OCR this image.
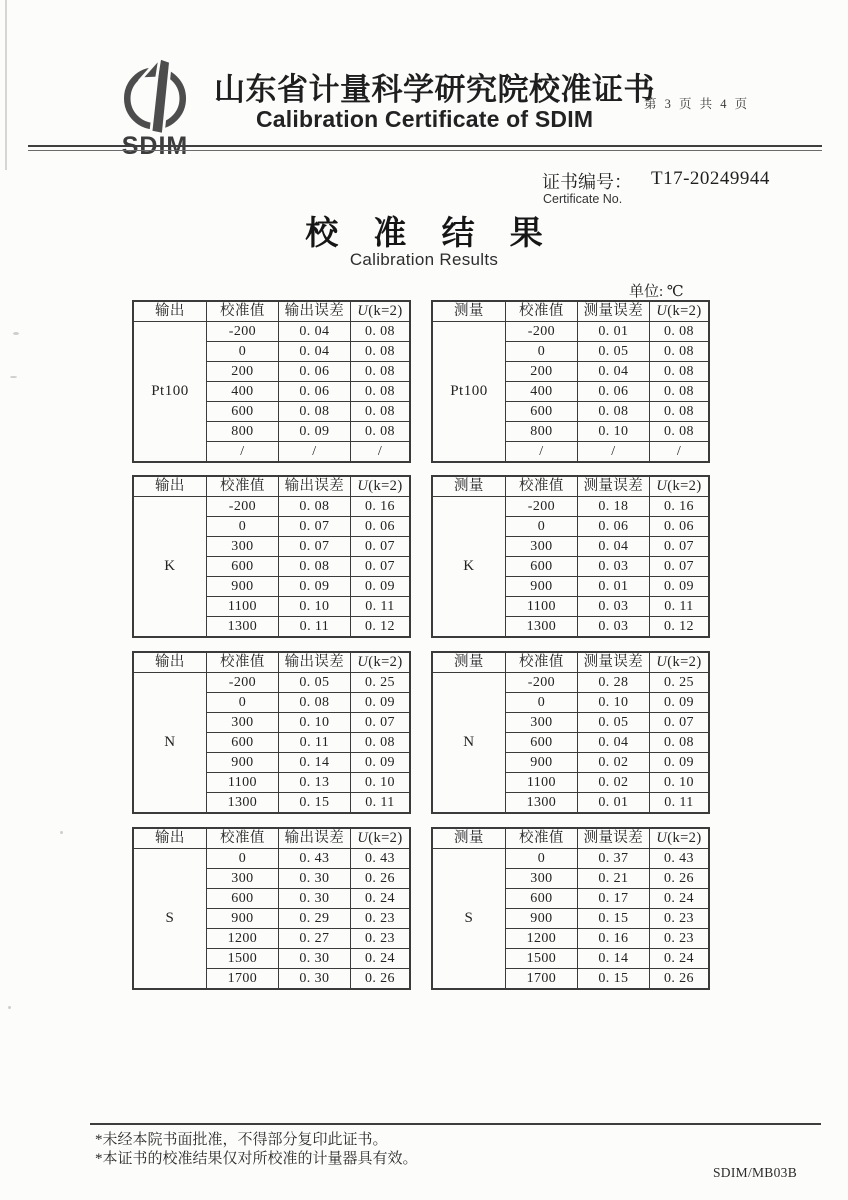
SDIM
山东省计量科学研究院校准证书
第 3 页 共 4 页
Calibration Certificate of SDIM
证书编号： T17-20249944
Certificate No.
校 准 结 果
Calibration Results
单位: ℃
输出	校准值	输出误差	U(k=2)
Pt100	-200	0. 04	0. 08
	0	0. 04	0. 08
	200	0. 06	0. 08
	400	0. 06	0. 08
	600	0. 08	0. 08
	800	0. 09	0. 08
	/	/	/
测量	校准值	测量误差	U(k=2)
Pt100	-200	0. 01	0. 08
	0	0. 05	0. 08
	200	0. 04	0. 08
	400	0. 06	0. 08
	600	0. 08	0. 08
	800	0. 10	0. 08
	/	/	/
输出	校准值	输出误差	U(k=2)
K	-200	0. 08	0. 16
	0	0. 07	0. 06
	300	0. 07	0. 07
	600	0. 08	0. 07
	900	0. 09	0. 09
	1100	0. 10	0. 11
	1300	0. 11	0. 12
测量	校准值	测量误差	U(k=2)
K	-200	0. 18	0. 16
	0	0. 06	0. 06
	300	0. 04	0. 07
	600	0. 03	0. 07
	900	0. 01	0. 09
	1100	0. 03	0. 11
	1300	0. 03	0. 12
输出	校准值	输出误差	U(k=2)
N	-200	0. 05	0. 25
	0	0. 08	0. 09
	300	0. 10	0. 07
	600	0. 11	0. 08
	900	0. 14	0. 09
	1100	0. 13	0. 10
	1300	0. 15	0. 11
测量	校准值	测量误差	U(k=2)
N	-200	0. 28	0. 25
	0	0. 10	0. 09
	300	0. 05	0. 07
	600	0. 04	0. 08
	900	0. 02	0. 09
	1100	0. 02	0. 10
	1300	0. 01	0. 11
输出	校准值	输出误差	U(k=2)
S	0	0. 43	0. 43
	300	0. 30	0. 26
	600	0. 30	0. 24
	900	0. 29	0. 23
	1200	0. 27	0. 23
	1500	0. 30	0. 24
	1700	0. 30	0. 26
测量	校准值	测量误差	U(k=2)
S	0	0. 37	0. 43
	300	0. 21	0. 26
	600	0. 17	0. 24
	900	0. 15	0. 23
	1200	0. 16	0. 23
	1500	0. 14	0. 24
	1700	0. 15	0. 26
*未经本院书面批准，不得部分复印此证书。
*本证书的校准结果仅对所校准的计量器具有效。
SDIM/MB03B
